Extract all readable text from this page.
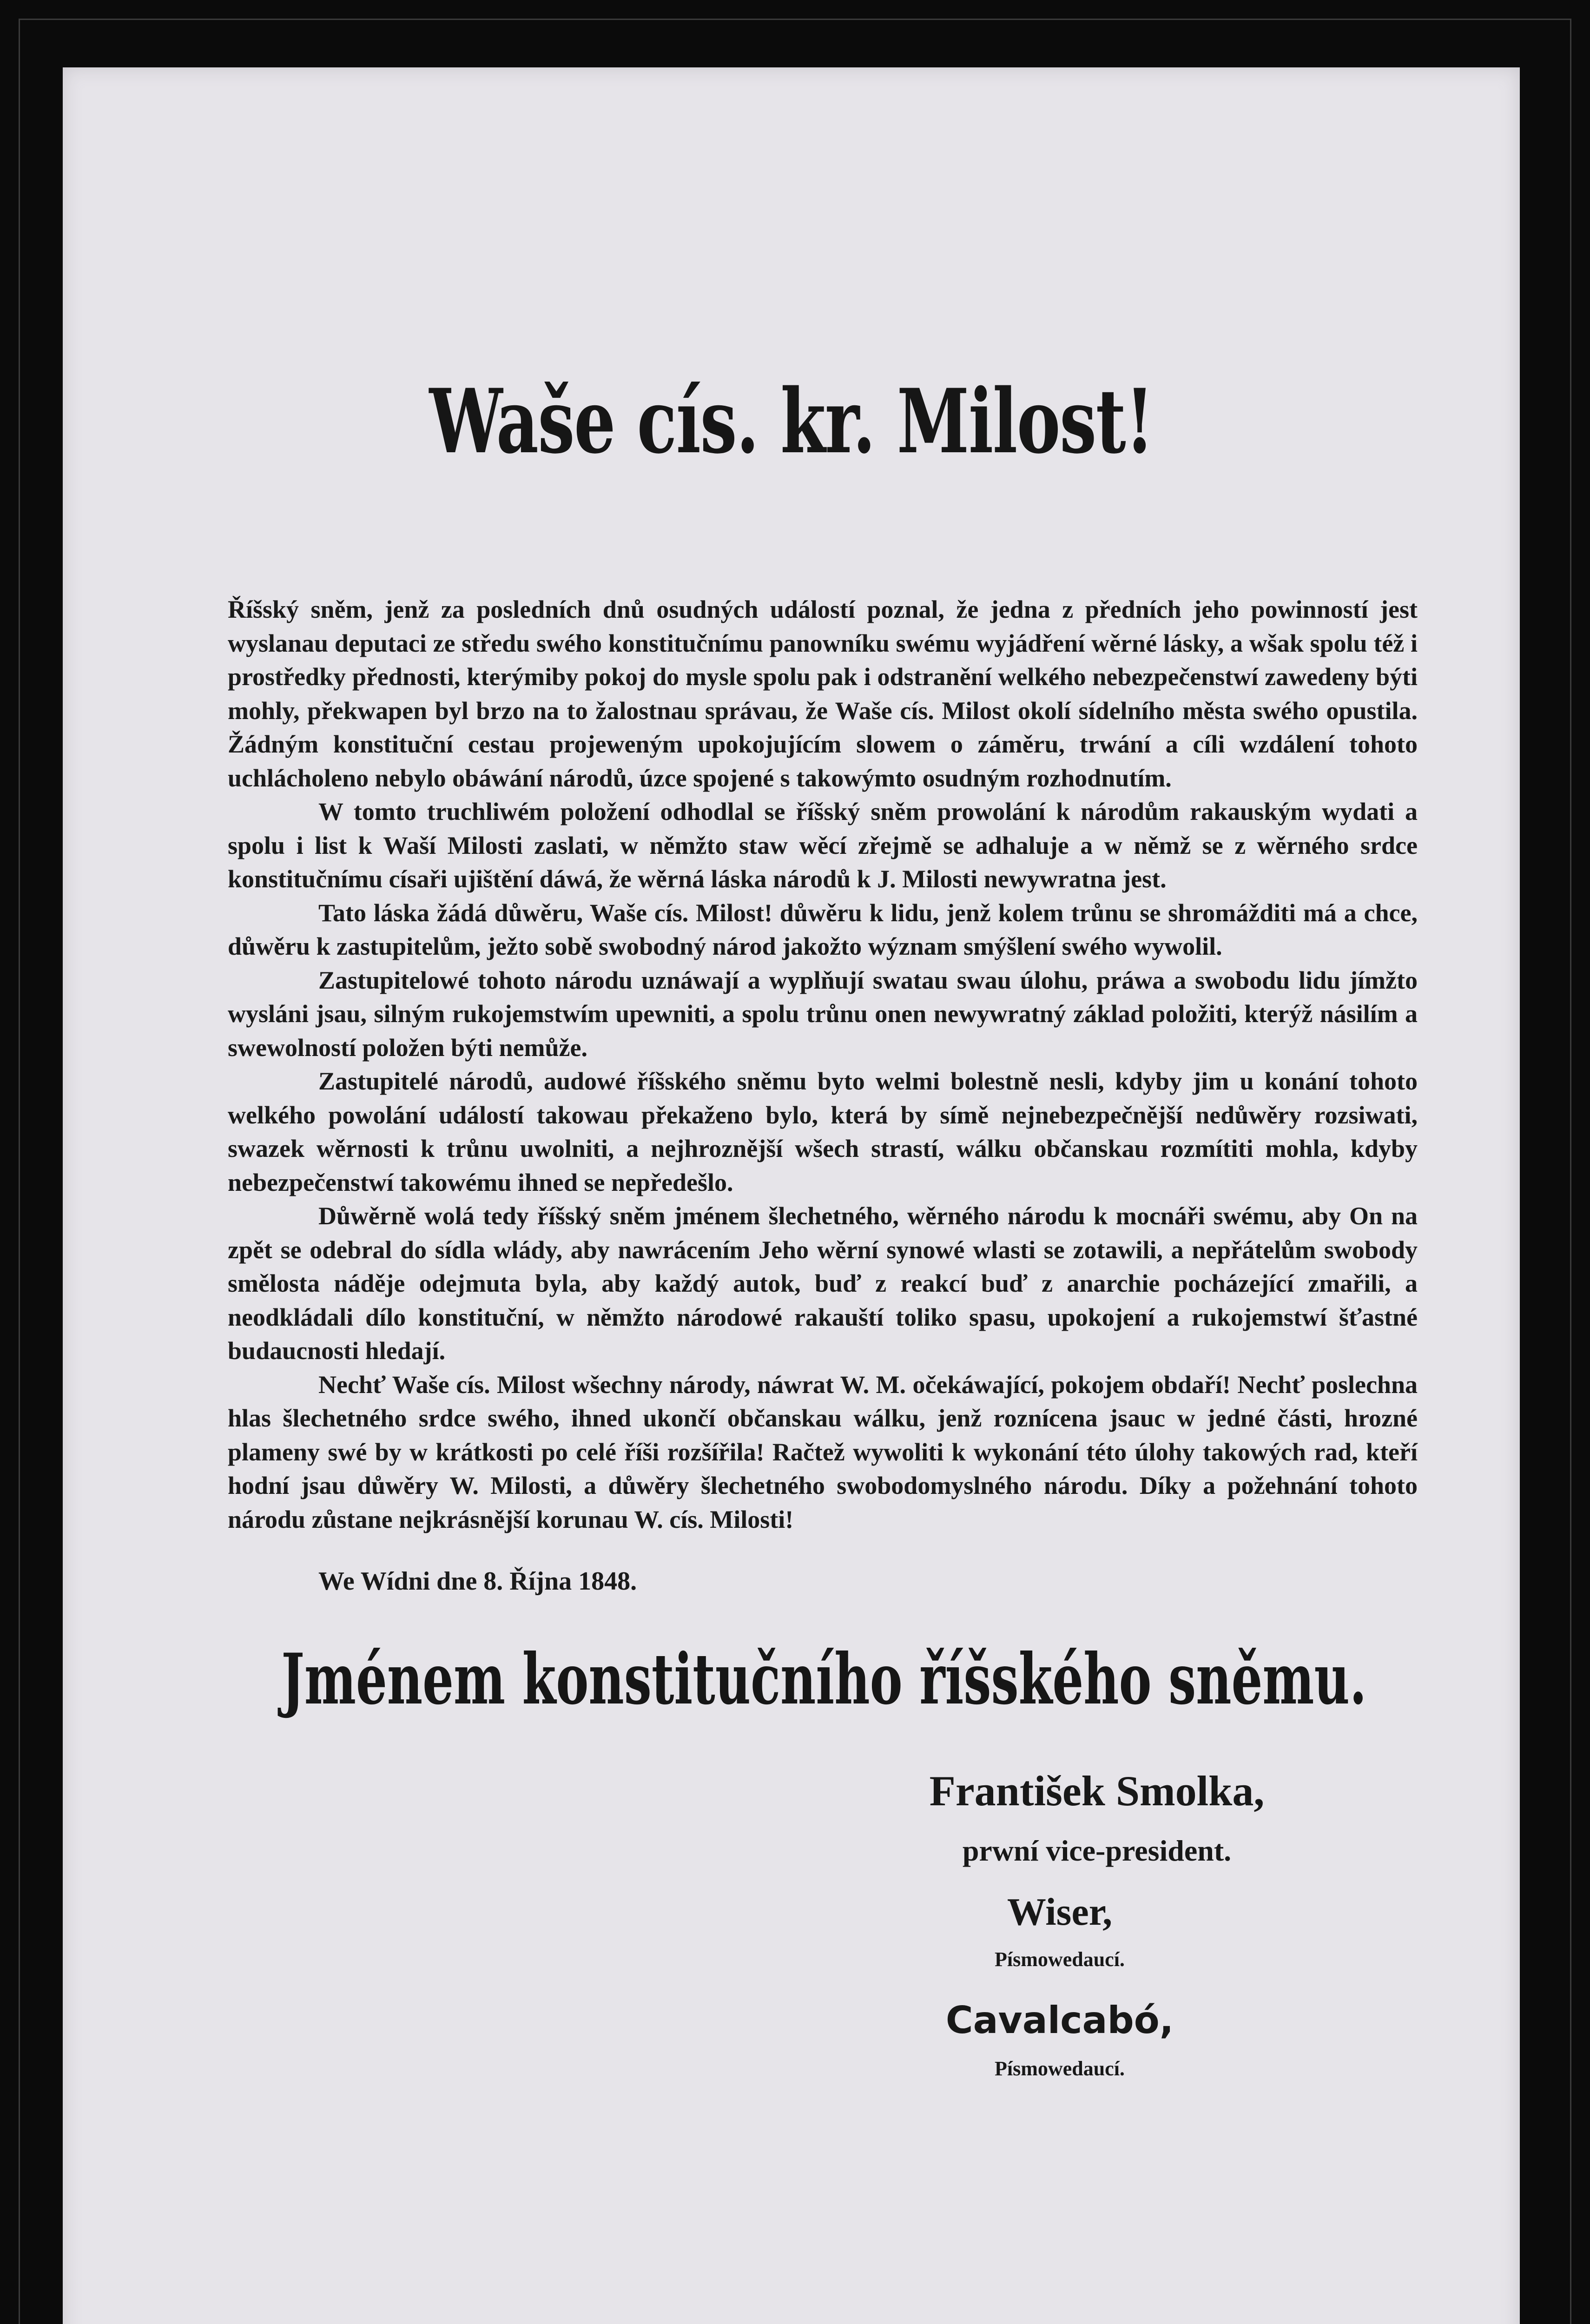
Waše cís. kr. Milost!

Říšský sněm, jenž za posledních dnů osudných událostí poznal, že jedna z předních jeho powinností jest wyslanau deputaci ze středu swého konstitučnímu panowníku swému wyjádření wěrné lásky, a wšak spolu též i prostředky přednosti, kterýmiby pokoj do mysle spolu pak i odstranění welkého nebezpečenstwí zawedeny býti mohly, překwapen byl brzo na to žalostnau správau, že Waše cís. Milost okolí sídelního města swého opustila. Žádným konstituční cestau projeweným upokojujícím slowem o záměru, trwání a cíli wzdálení tohoto uchlácholeno nebylo obáwání národů, úzce spojené s takowýmto osudným rozhodnutím.

W tomto truchliwém položení odhodlal se říšský sněm prowolání k národům rakauským wydati a spolu i list k Waší Milosti zaslati, w němžto staw wěcí zřejmě se adhaluje a w němž se z wěrného srdce konstitučnímu císaři ujištění dáwá, že wěrná láska národů k J. Milosti newywratna jest.

Tato láska žádá důwěru, Waše cís. Milost! důwěru k lidu, jenž kolem trůnu se shromážditi má a chce, důwěru k zastupitelům, ježto sobě swobodný národ jakožto wýznam smýšlení swého wywolil.

Zastupitelowé tohoto národu uznáwají a wyplňují swatau swau úlohu, práwa a swobodu lidu jímžto wysláni jsau, silným rukojemstwím upewniti, a spolu trůnu onen newywratný základ položiti, kterýž násilím a swewolností položen býti nemůže.

Zastupitelé národů, audowé říšského sněmu byto welmi bolestně nesli, kdyby jim u konání tohoto welkého powolání událostí takowau překaženo bylo, která by símě nejnebezpečnější nedůwěry rozsiwati, swazek wěrnosti k trůnu uwolniti, a nejhroznější wšech strastí, wálku občanskau rozmítiti mohla, kdyby nebezpečenstwí takowému ihned se nepředešlo.

Důwěrně wolá tedy říšský sněm jménem šlechetného, wěrného národu k mocnáři swému, aby On na zpět se odebral do sídla wlády, aby nawrácením Jeho wěrní synowé wlasti se zotawili, a nepřátelům swobody smělosta náděje odejmuta byla, aby každý autok, buď z reakcí buď z anarchie pocházející zmařili, a neodkládali dílo konstituční, w němžto národowé rakauští toliko spasu, upokojení a rukojemstwí šťastné budaucnosti hledají.

Nechť Waše cís. Milost wšechny národy, náwrat W. M. očekáwající, pokojem obdaří! Nechť poslechna hlas šlechetného srdce swého, ihned ukončí občanskau wálku, jenž roznícena jsauc w jedné části, hrozné plameny swé by w krátkosti po celé říši rozšířila! Račtež wywoliti k wykonání této úlohy takowých rad, kteří hodní jsau důwěry W. Milosti, a důwěry šlechetného swobodomyslného národu. Díky a požehnání tohoto národu zůstane nejkrásnější korunau W. cís. Milosti!

We Wídni dne 8. Října 1848.
Jménem konstitučního říšského sněmu.
František Smolka,
prwní vice-president.
Wiser,
Písmowedaucí.
Cavalcabó,
Písmowedaucí.
